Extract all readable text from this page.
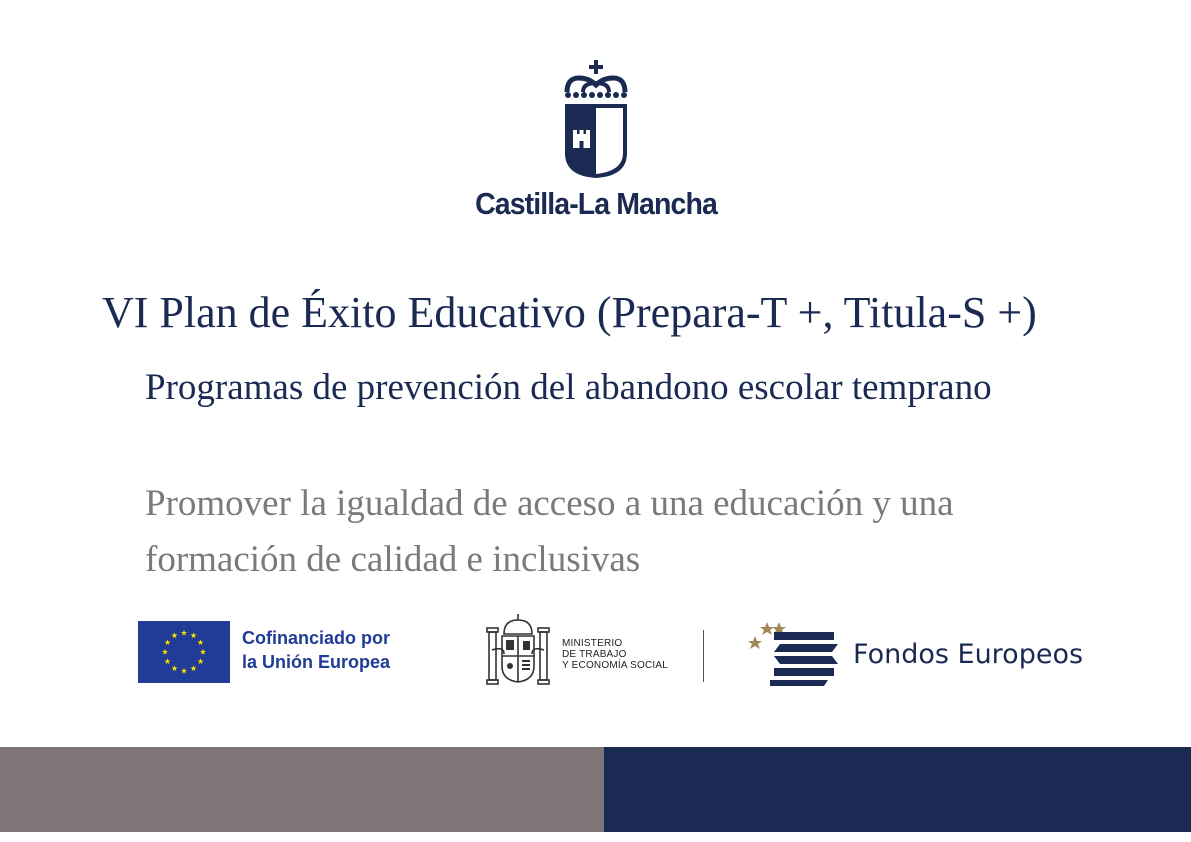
Castilla-La Mancha
VI Plan de Éxito Educativo (Prepara-T +, Titula-S +)

Programas de prevención del abandono escolar temprano

Promover la igualdad de acceso a una educación y una formación de calidad e inclusivas

Cofinanciado por
la Unión Europea
MINISTERIO
DE TRABAJO
Y ECONOMÍA SOCIAL	Fondos Europeos
